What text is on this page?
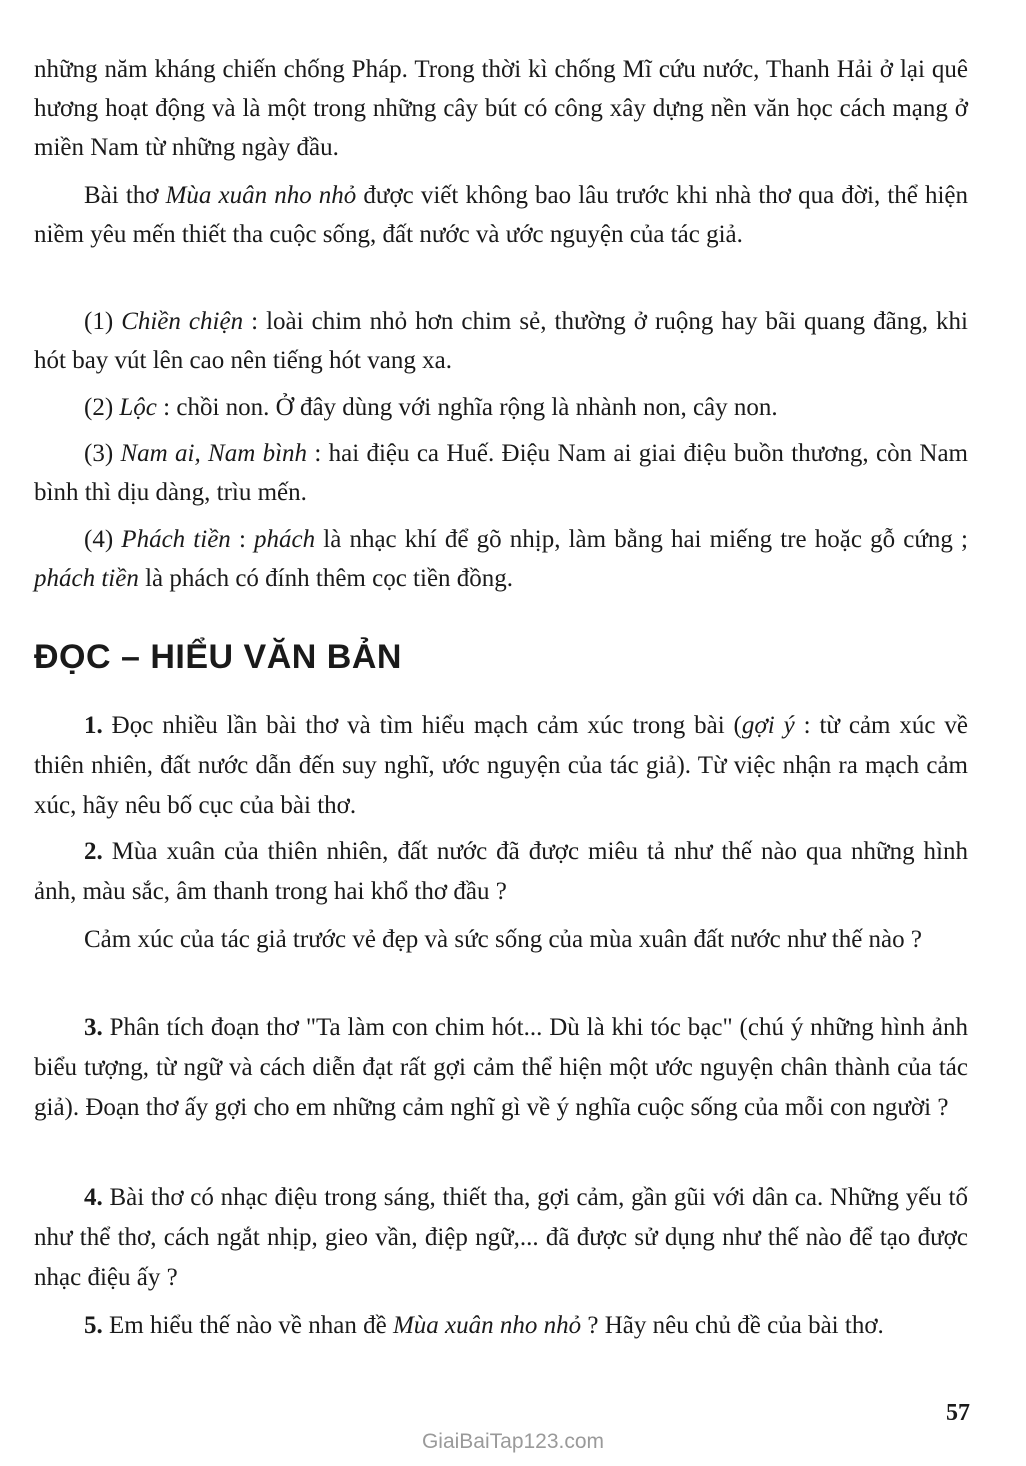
những năm kháng chiến chống Pháp. Trong thời kì chống Mĩ cứu nước, Thanh Hải ở lại quê hương hoạt động và là một trong những cây bút có công xây dựng nền văn học cách mạng ở miền Nam từ những ngày đầu.

Bài thơ Mùa xuân nho nhỏ được viết không bao lâu trước khi nhà thơ qua đời, thể hiện niềm yêu mến thiết tha cuộc sống, đất nước và ước nguyện của tác giả.

(1) Chiền chiện : loài chim nhỏ hơn chim sẻ, thường ở ruộng hay bãi quang đãng, khi hót bay vút lên cao nên tiếng hót vang xa.

(2) Lộc : chồi non. Ở đây dùng với nghĩa rộng là nhành non, cây non.

(3) Nam ai, Nam bình : hai điệu ca Huế. Điệu Nam ai giai điệu buồn thương, còn Nam bình thì dịu dàng, trìu mến.

(4) Phách tiền : phách là nhạc khí để gõ nhịp, làm bằng hai miếng tre hoặc gỗ cứng ; phách tiền là phách có đính thêm cọc tiền đồng.

ĐỌC – HIỂU VĂN BẢN

1. Đọc nhiều lần bài thơ và tìm hiểu mạch cảm xúc trong bài (gợi ý : từ cảm xúc về thiên nhiên, đất nước dẫn đến suy nghĩ, ước nguyện của tác giả). Từ việc nhận ra mạch cảm xúc, hãy nêu bố cục của bài thơ.

2. Mùa xuân của thiên nhiên, đất nước đã được miêu tả như thế nào qua những hình ảnh, màu sắc, âm thanh trong hai khổ thơ đầu ?

Cảm xúc của tác giả trước vẻ đẹp và sức sống của mùa xuân đất nước như thế nào ?

3. Phân tích đoạn thơ "Ta làm con chim hót... Dù là khi tóc bạc" (chú ý những hình ảnh biểu tượng, từ ngữ và cách diễn đạt rất gợi cảm thể hiện một ước nguyện chân thành của tác giả). Đoạn thơ ấy gợi cho em những cảm nghĩ gì về ý nghĩa cuộc sống của mỗi con người ?

4. Bài thơ có nhạc điệu trong sáng, thiết tha, gợi cảm, gần gũi với dân ca. Những yếu tố như thể thơ, cách ngắt nhịp, gieo vần, điệp ngữ,... đã được sử dụng như thế nào để tạo được nhạc điệu ấy ?

5. Em hiểu thế nào về nhan đề Mùa xuân nho nhỏ ? Hãy nêu chủ đề của bài thơ.

57
GiaiBaiTap123.com
